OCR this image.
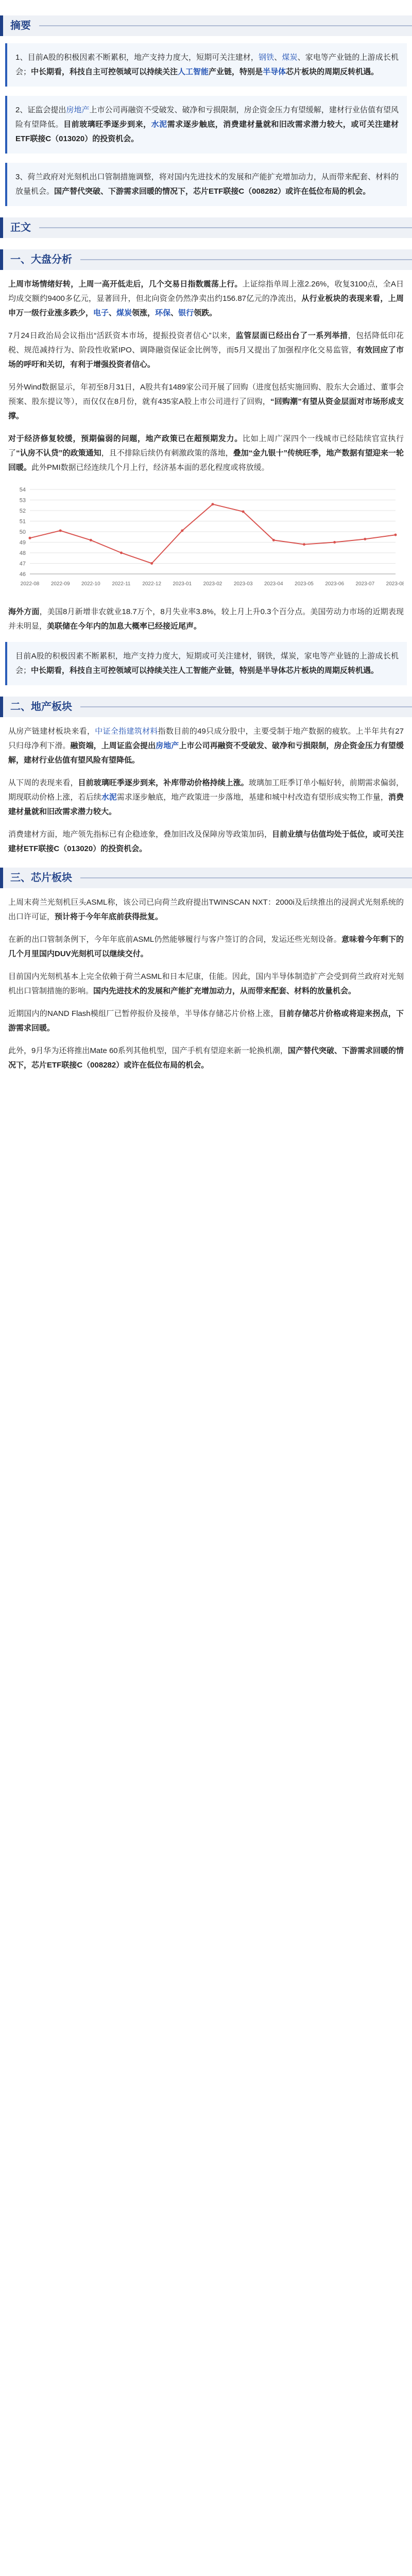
摘要
1、目前A股的积极因素不断累积，地产支持力度大，短期可关注建材，钢铁、煤炭、家电等产业链的上游成长机会；中长期看，科技自主可控领域可以持续关注人工智能产业链，特别是半导体芯片板块的周期反转机遇。
2、证监会提出房地产上市公司再融资不受破发、破净和亏损限制，房企资金压力有望缓解，建材行业估值有望风险有望降低。目前玻璃旺季逐步到来，水泥需求逐步触底，消费建材量就和旧改需求潜力较大，或可关注建材ETF联接C（013020）的投资机会。
3、荷兰政府对光刻机出口管制措施调整，将对国内先进技术的发展和产能扩充增加动力，从而带来配套、材料的放量机会。国产替代突破、下游需求回暖的情况下，芯片ETF联接C（008282）或许在低位布局的机会。
正文
一、大盘分析
上周市场情绪好转，上周一高开低走后，几个交易日指数震荡上行。上证综指单周上涨2.26%，收复3100点，全A日均成交额约9400多亿元，显著回升，但北向资金仍然净卖出约156.87亿元的净流出，从行业板块的表现来看，上周申万一级行业涨多跌少，电子、煤炭领涨，环保、银行领跌。
7月24日政治局会议指出“活跃资本市场，提振投资者信心”以来，监管层面已经出台了一系列举措，包括降低印花税、规范减持行为、阶段性收紧IPO、调降融资保证金比例等，而5月又提出了加强程序化交易监管，有效回应了市场的呼吁和关切，有利于增强投资者信心。
另外Wind数据显示，年初至8月31日，A股共有1489家公司开展了回购（进度包括实施回购、股东大会通过、董事会预案、股东提议等），而仅仅在8月份，就有435家A股上市公司进行了回购，“回购潮”有望从资金层面对市场形成支撑。
对于经济修复较缓，预期偏弱的问题，地产政策已在超预期发力。比如上周广深四个一线城市已经陆续官宣执行了“认房不认贷”的政策通知，且不排除后续仍有刺激政策的落地，叠加“金九银十”传统旺季，地产数据有望迎来一轮回暖。此外PMI数据已经连续几个月上行，经济基本面的恶化程度或将放缓。
46
47
48
49
50
51
52
53
54
2022-08 2022-09 2022-10 2022-11 2022-12 2023-01 2023-02 2023-03 2023-04 2023-05 2023-06 2023-07 2023-08
海外方面，美国8月新增非农就业18.7万个，8月失业率3.8%，较上月上升0.3个百分点。美国劳动力市场的近期表现并未明显，美联储在今年内的加息大概率已经接近尾声。
目前A股的积极因素不断累积，地产支持力度大，短期或可关注建材，钢铁，煤炭，家电等产业链的上游成长机会；中长期看，科技自主可控领域可以持续关注人工智能产业链，特别是半导体芯片板块的周期反转机遇。
二、地产板块
从房产链建材板块来看，中证全指建筑材料指数目前的49只成分股中，主要受制于地产数据的疲软。上半年共有27只归母净利下滑。融资端，上周证监会提出房地产上市公司再融资不受破发、破净和亏损限制，房企资金压力有望缓解，建材行业估值有望风险有望降低。
从下周的表现来看，目前玻璃旺季逐步到来，补库带动价格持续上涨。玻璃加工旺季订单小幅好转，前期需求偏弱，期现联动价格上涨，若后续水泥需求逐步触底，地产政策进一步落地，基建和城中村改造有望形成实物工作量，消费建材量就和旧改需求潜力较大。
消费建材方面，地产领先指标已有企稳迹象，叠加旧改及保障房等政策加码，目前业绩与估值均处于低位，或可关注建材ETF联接C（013020）的投资机会。
三、芯片板块
上周末荷兰光刻机巨头ASML称，该公司已向荷兰政府提出TWINSCAN NXT：2000i及后续推出的浸润式光刻系统的出口许可证，预计将于今年年底前获得批复。
在新的出口管制条例下，今年年底前ASML仍然能够履行与客户签订的合同，发运还些光刻设备。意味着今年剩下的几个月里国内DUV光刻机可以继续交付。
目前国内光刻机基本上完全依赖于荷兰ASML和日本尼康，佳能。因此，国内半导体制造扩产会受到荷兰政府对光刻机出口管制措施的影响。国内先进技术的发展和产能扩充增加动力，从而带来配套、材料的放量机会。
近期国内的NAND Flash模组厂已暂停报价及接单，半导体存储芯片价格上涨，目前存储芯片价格或将迎来拐点，下游需求回暖。
此外，9月华为还将推出Mate 60系列其他机型，国产手机有望迎来新一轮换机潮，国产替代突破、下游需求回暖的情况下，芯片ETF联接C（008282）或许在低位布局的机会。
